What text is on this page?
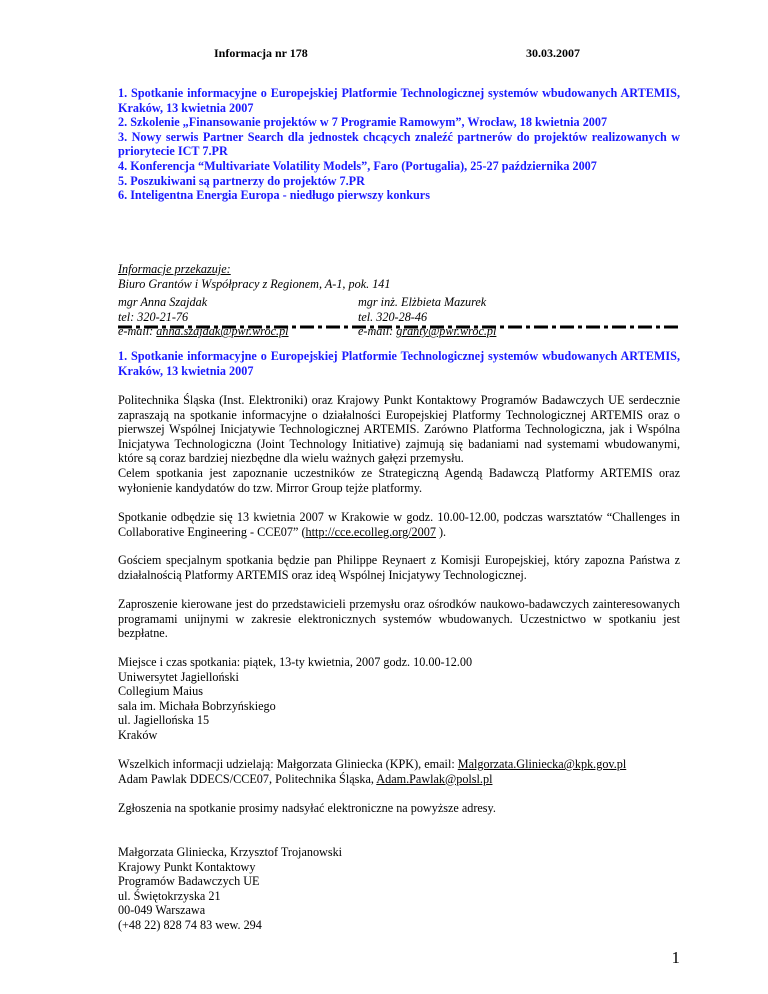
Informacja nr 178	30.03.2007
1. Spotkanie informacyjne o Europejskiej Platformie Technologicznej systemów wbudowanych ARTEMIS, Kraków, 13 kwietnia 2007
2. Szkolenie „Finansowanie projektów w 7 Programie Ramowym”, Wrocław, 18 kwietnia 2007
3. Nowy serwis Partner Search dla jednostek chcących znaleźć partnerów do projektów realizowanych w priorytecie ICT 7.PR
4. Konferencja “Multivariate Volatility Models”, Faro (Portugalia), 25-27 października 2007
5. Poszukiwani są partnerzy do projektów 7.PR
6. Inteligentna Energia Europa - niedługo pierwszy konkurs
Informacje przekazuje:
Biuro Grantów i Współpracy z Regionem, A-1, pok. 141
mgr Anna Szajdak
tel: 320-21-76
e-mail: anna.szajdak@pwr.wroc.pl
mgr inż. Elżbieta Mazurek
tel. 320-28-46
e-mail: granty@pwr.wroc.pl
1. Spotkanie informacyjne o Europejskiej Platformie Technologicznej systemów wbudowanych ARTEMIS, Kraków, 13 kwietnia 2007
Politechnika Śląska (Inst. Elektroniki) oraz Krajowy Punkt Kontaktowy Programów Badawczych UE serdecznie zapraszają na spotkanie informacyjne o działalności Europejskiej Platformy Technologicznej ARTEMIS oraz o pierwszej Wspólnej Inicjatywie Technologicznej ARTEMIS. Zarówno Platforma Technologiczna, jak i Wspólna Inicjatywa Technologiczna (Joint Technology Initiative) zajmują się badaniami nad systemami wbudowanymi, które są coraz bardziej niezbędne dla wielu ważnych gałęzi przemysłu.
Celem spotkania jest zapoznanie uczestników ze Strategiczną Agendą Badawczą Platformy ARTEMIS oraz wyłonienie kandydatów do tzw. Mirror Group tejże platformy.
Spotkanie odbędzie się 13 kwietnia 2007 w Krakowie w godz. 10.00-12.00, podczas warsztatów “Challenges in Collaborative Engineering - CCE07” (http://cce.ecolleg.org/2007 ).
Gościem specjalnym spotkania będzie pan Philippe Reynaert z Komisji Europejskiej, który zapozna Państwa z działalnością Platformy ARTEMIS oraz ideą Wspólnej Inicjatywy Technologicznej.
Zaproszenie kierowane jest do przedstawicieli przemysłu oraz ośrodków naukowo-badawczych zainteresowanych programami unijnymi w zakresie elektronicznych systemów wbudowanych. Uczestnictwo w spotkaniu jest bezpłatne.
Miejsce i czas spotkania: piątek, 13-ty kwietnia, 2007 godz. 10.00-12.00
Uniwersytet Jagielloński
Collegium Maius
sala im. Michała Bobrzyńskiego
ul. Jagiellońska 15
Kraków
Wszelkich informacji udzielają: Małgorzata Gliniecka (KPK), email: Malgorzata.Gliniecka@kpk.gov.pl
Adam Pawlak DDECS/CCE07, Politechnika Śląska, Adam.Pawlak@polsl.pl
Zgłoszenia na spotkanie prosimy nadsyłać elektroniczne na powyższe adresy.
Małgorzata Gliniecka, Krzysztof Trojanowski
Krajowy Punkt Kontaktowy
Programów Badawczych UE
ul. Świętokrzyska 21
00-049 Warszawa
(+48 22) 828 74 83 wew. 294
1
